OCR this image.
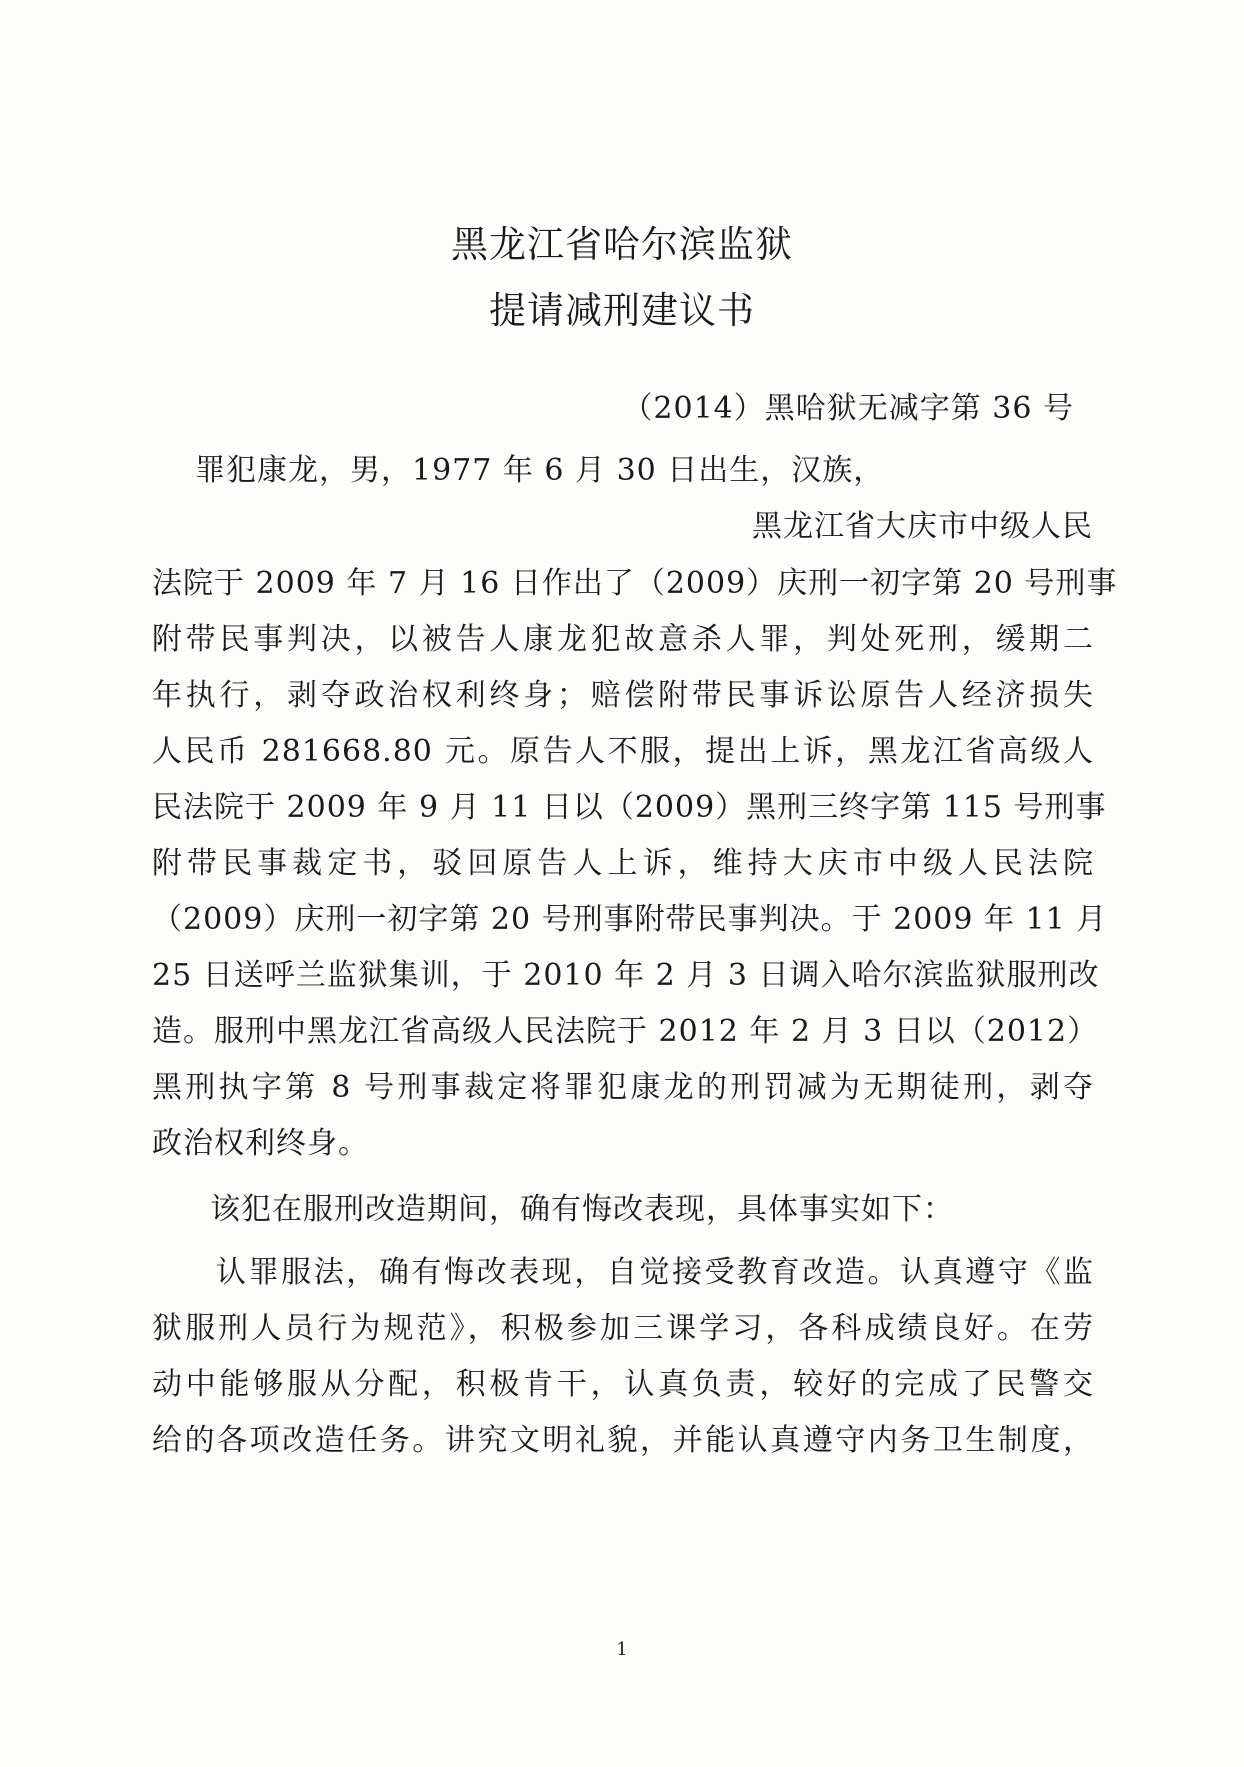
黑龙江省哈尔滨监狱
提请减刑建议书
（2014）黑哈狱无减字第 36 号
罪犯康龙，男，1977 年 6 月 30 日出生，汉族，
黑龙江省大庆市中级人民
法院于 2009 年 7 月 16 日作出了（2009）庆刑一初字第 20 号刑事
附带民事判决，以被告人康龙犯故意杀人罪，判处死刑，缓期二
年执行，剥夺政治权利终身；赔偿附带民事诉讼原告人经济损失
人民币 281668.80 元。原告人不服，提出上诉，黑龙江省高级人
民法院于 2009 年 9 月 11 日以（2009）黑刑三终字第 115 号刑事
附带民事裁定书，驳回原告人上诉，维持大庆市中级人民法院
（2009）庆刑一初字第 20 号刑事附带民事判决。于 2009 年 11 月
25 日送呼兰监狱集训，于 2010 年 2 月 3 日调入哈尔滨监狱服刑改
造。服刑中黑龙江省高级人民法院于 2012 年 2 月 3 日以（2012）
黑刑执字第 8 号刑事裁定将罪犯康龙的刑罚减为无期徒刑，剥夺
政治权利终身。
该犯在服刑改造期间，确有悔改表现，具体事实如下：
认罪服法，确有悔改表现，自觉接受教育改造。认真遵守《监
狱服刑人员行为规范》，积极参加三课学习，各科成绩良好。在劳
动中能够服从分配，积极肯干，认真负责，较好的完成了民警交
给的各项改造任务。讲究文明礼貌，并能认真遵守内务卫生制度，
1
